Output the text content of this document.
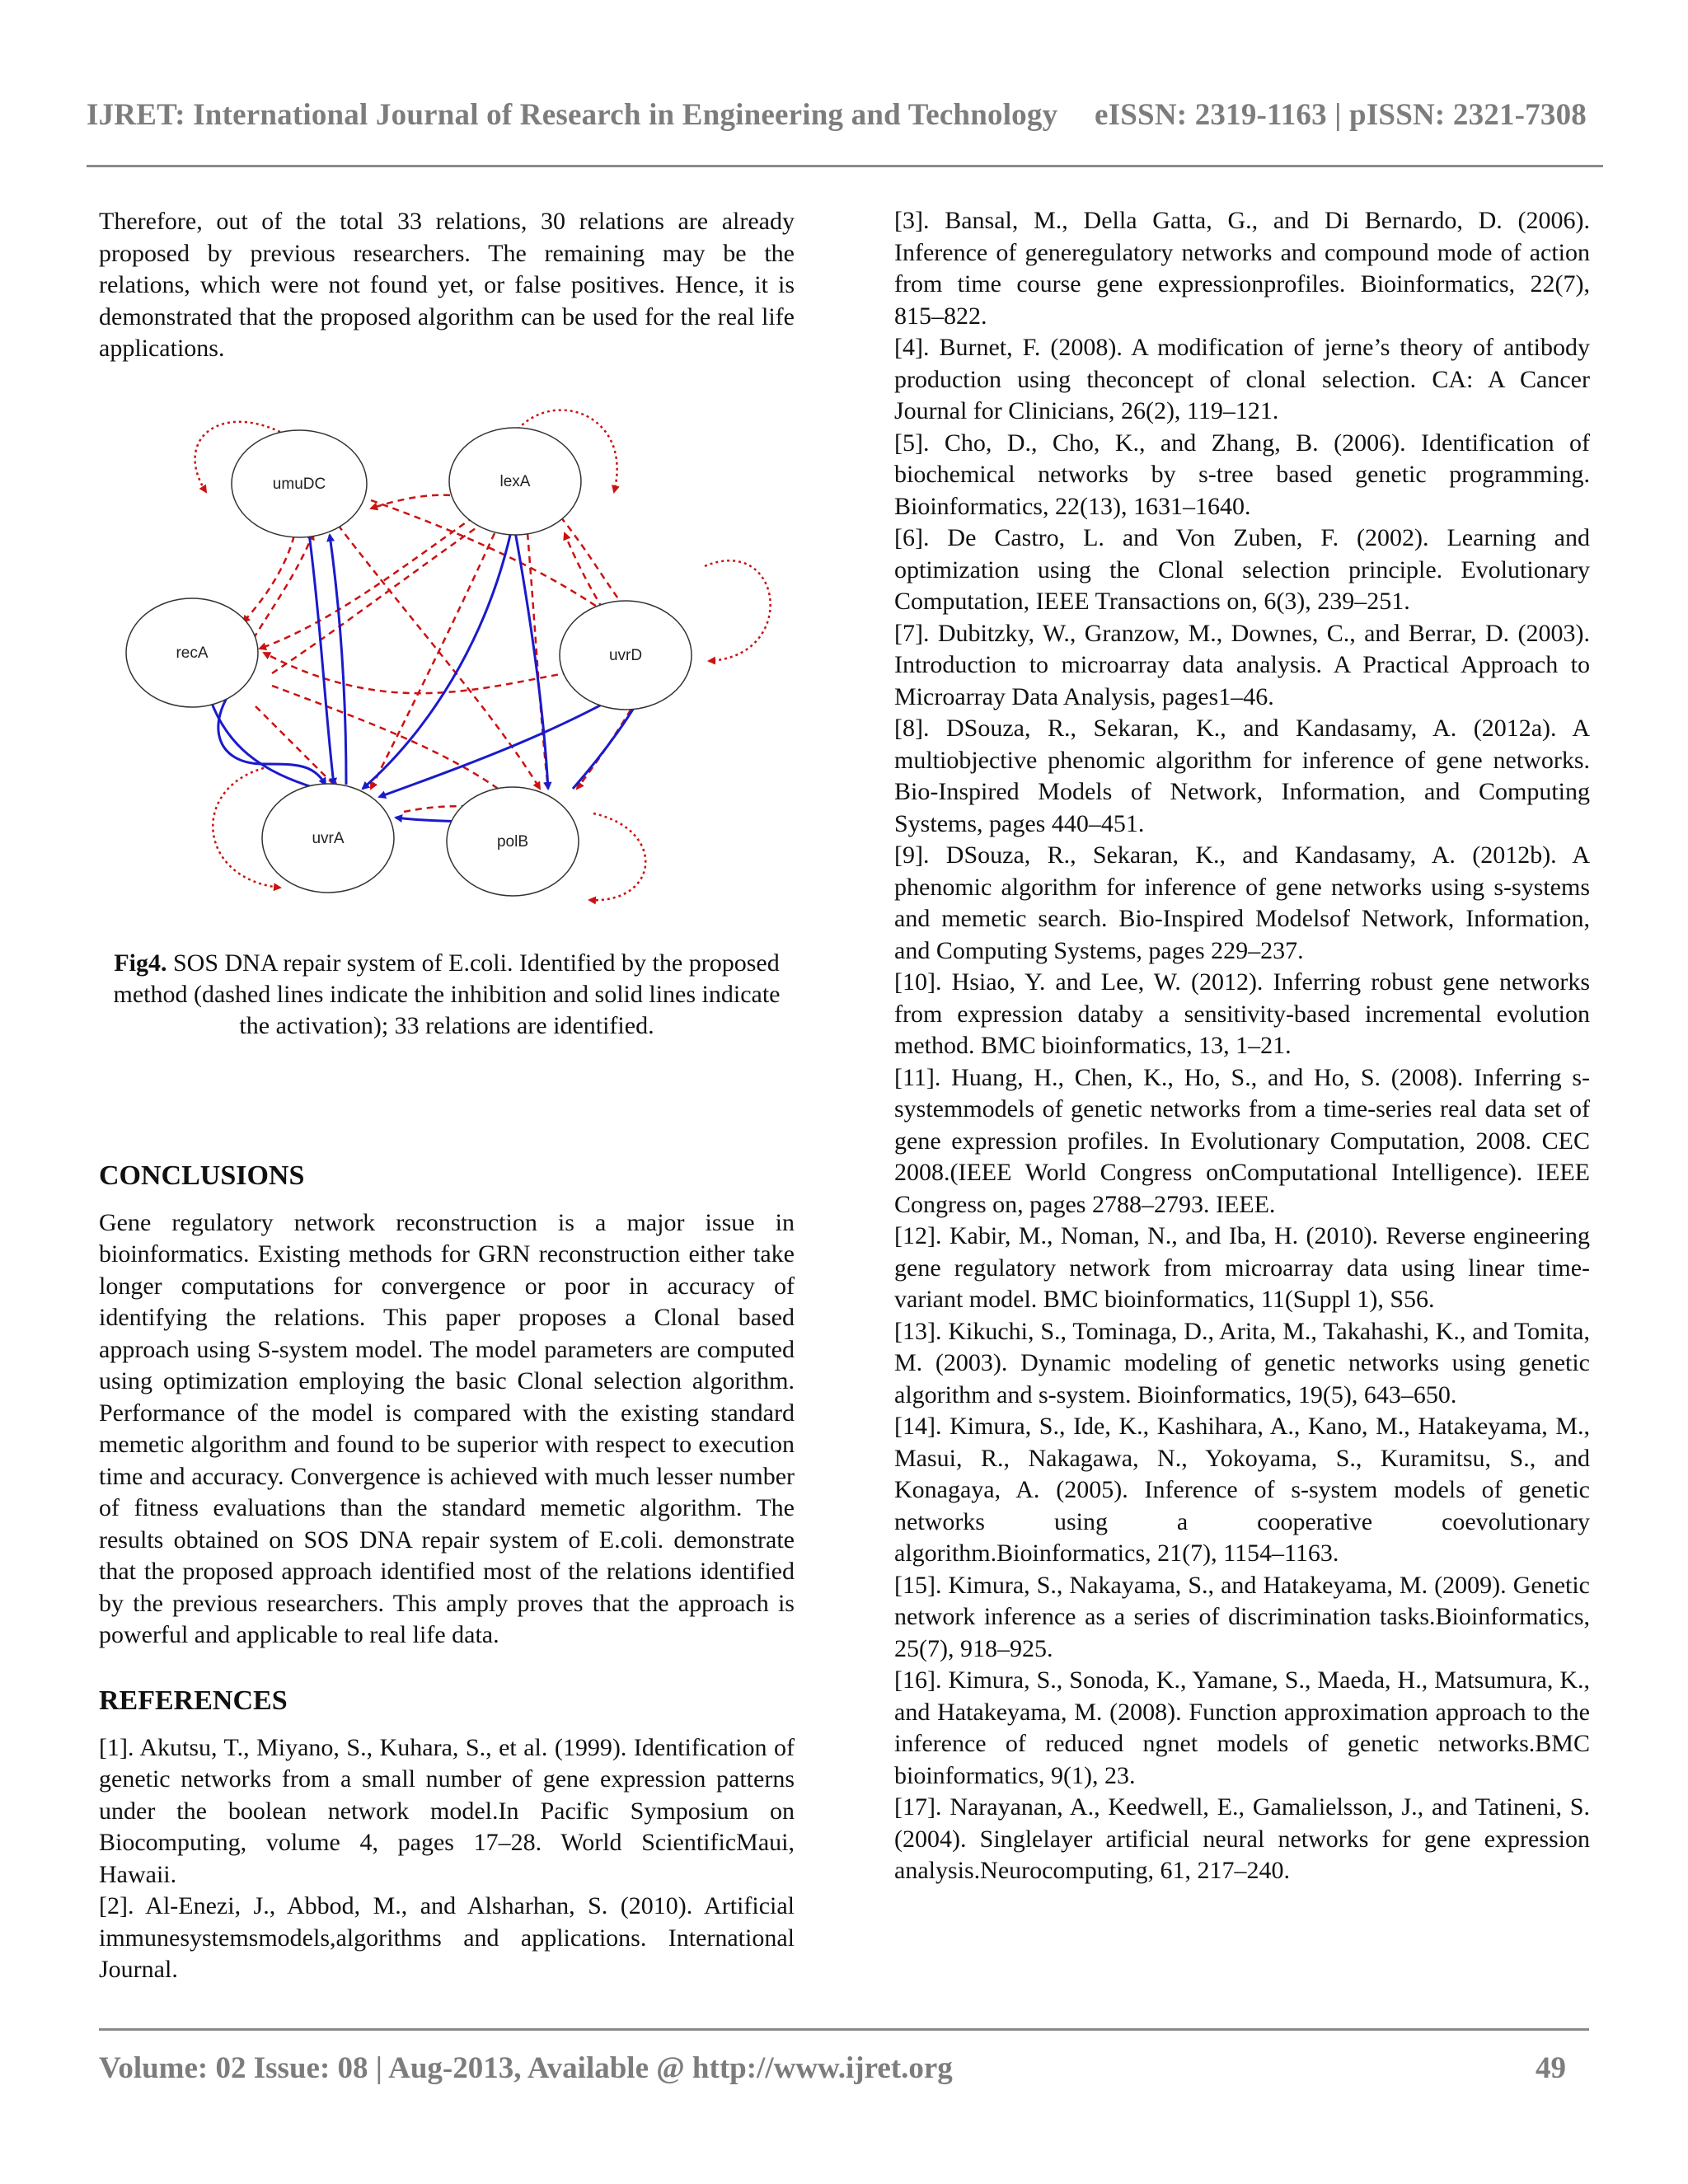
IJRET: International Journal of Research in Engineering and Technology eISSN: 2319-1163 | pISSN: 2321-7308

Therefore, out of the total 33 relations, 30 relations are already proposed by previous researchers. The remaining may be the relations, which were not found yet, or false positives. Hence, it is demonstrated that the proposed algorithm can be used for the real life applications.

umuDC	lexA
recA	uvrD
uvrA	polB
Fig4. SOS DNA repair system of E.coli. Identified by the proposed method (dashed lines indicate the inhibition and solid lines indicate the activation); 33 relations are identified.
CONCLUSIONS

Gene regulatory network reconstruction is a major issue in bioinformatics. Existing methods for GRN reconstruction either take longer computations for convergence or poor in accuracy of identifying the relations. This paper proposes a Clonal based approach using S-system model. The model parameters are computed using optimization employing the basic Clonal selection algorithm. Performance of the model is compared with the existing standard memetic algorithm and found to be superior with respect to execution time and accuracy. Convergence is achieved with much lesser number of fitness evaluations than the standard memetic algorithm. The results obtained on SOS DNA repair system of E.coli. demonstrate that the proposed approach identified most of the relations identified by the previous researchers. This amply proves that the approach is powerful and applicable to real life data.

REFERENCES

[1]. Akutsu, T., Miyano, S., Kuhara, S., et al. (1999). Identification of genetic networks from a small number of gene expression patterns under the boolean network model.In Pacific Symposium on Biocomputing, volume 4, pages 17–28. World ScientificMaui, Hawaii.

[2]. Al-Enezi, J., Abbod, M., and Alsharhan, S. (2010). Artificial immunesystemsmodels,algorithms and applications. International Journal.

[3]. Bansal, M., Della Gatta, G., and Di Bernardo, D. (2006). Inference of generegulatory networks and compound mode of action from time course gene expressionprofiles. Bioinformatics, 22(7), 815–822.

[4]. Burnet, F. (2008). A modification of jerne’s theory of antibody production using theconcept of clonal selection. CA: A Cancer Journal for Clinicians, 26(2), 119–121.

[5]. Cho, D., Cho, K., and Zhang, B. (2006). Identification of biochemical networks by s-tree based genetic programming. Bioinformatics, 22(13), 1631–1640.

[6]. De Castro, L. and Von Zuben, F. (2002). Learning and optimization using the Clonal selection principle. Evolutionary Computation, IEEE Transactions on, 6(3), 239–251.

[7]. Dubitzky, W., Granzow, M., Downes, C., and Berrar, D. (2003). Introduction to microarray data analysis. A Practical Approach to Microarray Data Analysis, pages1–46.

[8]. DSouza, R., Sekaran, K., and Kandasamy, A. (2012a). A multiobjective phenomic algorithm for inference of gene networks. Bio-Inspired Models of Network, Information, and Computing Systems, pages 440–451.

[9]. DSouza, R., Sekaran, K., and Kandasamy, A. (2012b). A phenomic algorithm for inference of gene networks using s-systems and memetic search. Bio-Inspired Modelsof Network, Information, and Computing Systems, pages 229–237.

[10]. Hsiao, Y. and Lee, W. (2012). Inferring robust gene networks from expression databy a sensitivity-based incremental evolution method. BMC bioinformatics, 13, 1–21.

[11]. Huang, H., Chen, K., Ho, S., and Ho, S. (2008). Inferring s-systemmodels of genetic networks from a time-series real data set of gene expression profiles. In Evolutionary Computation, 2008. CEC 2008.(IEEE World Congress onComputational Intelligence). IEEE Congress on, pages 2788–2793. IEEE.

[12]. Kabir, M., Noman, N., and Iba, H. (2010). Reverse engineering gene regulatory network from microarray data using linear time-variant model. BMC bioinformatics, 11(Suppl 1), S56.

[13]. Kikuchi, S., Tominaga, D., Arita, M., Takahashi, K., and Tomita, M. (2003). Dynamic modeling of genetic networks using genetic algorithm and s-system. Bioinformatics, 19(5), 643–650.

[14]. Kimura, S., Ide, K., Kashihara, A., Kano, M., Hatakeyama, M., Masui, R., Nakagawa, N., Yokoyama, S., Kuramitsu, S., and Konagaya, A. (2005). Inference of s-system models of genetic networks using a cooperative coevolutionary algorithm.Bioinformatics, 21(7), 1154–1163.

[15]. Kimura, S., Nakayama, S., and Hatakeyama, M. (2009). Genetic network inference as a series of discrimination tasks.Bioinformatics, 25(7), 918–925.

[16]. Kimura, S., Sonoda, K., Yamane, S., Maeda, H., Matsumura, K., and Hatakeyama, M. (2008). Function approximation approach to the inference of reduced ngnet models of genetic networks.BMC bioinformatics, 9(1), 23.

[17]. Narayanan, A., Keedwell, E., Gamalielsson, J., and Tatineni, S. (2004). Singlelayer artificial neural networks for gene expression analysis.Neurocomputing, 61, 217–240.

Volume: 02 Issue: 08 | Aug-2013, Available @ http://www.ijret.org	49
